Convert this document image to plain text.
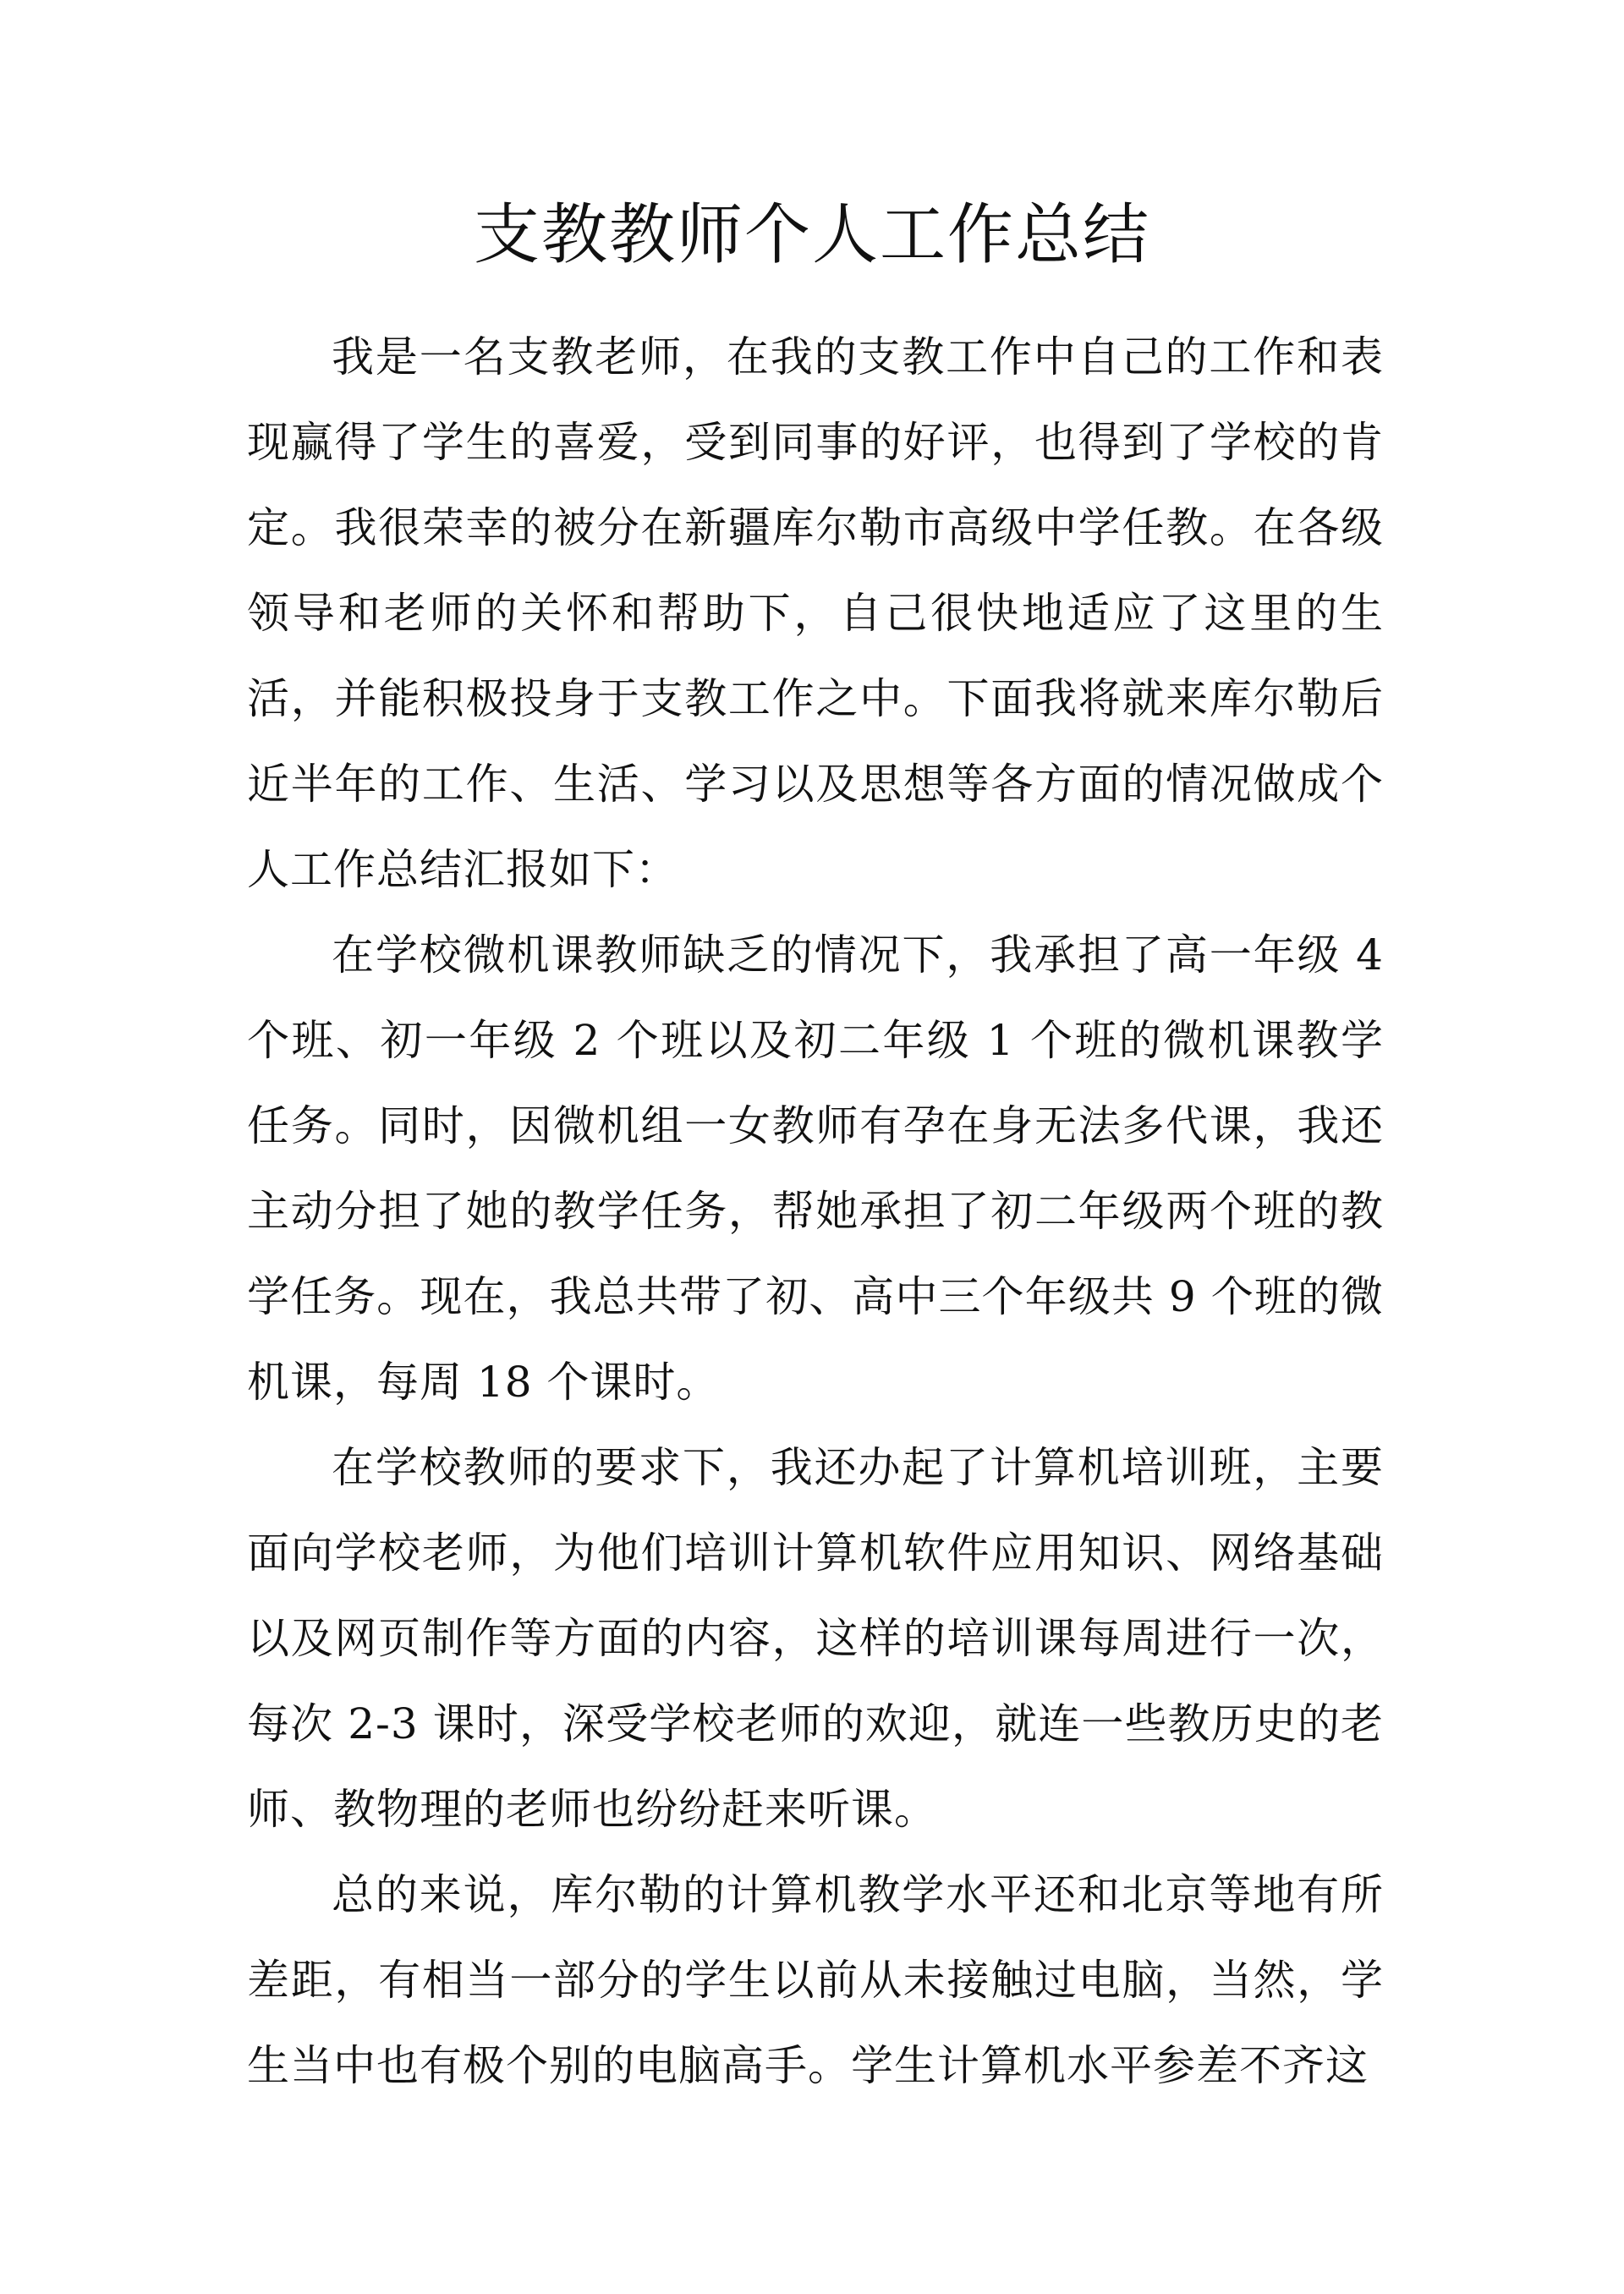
支教教师个人工作总结

我是一名支教老师，在我的支教工作中自己的工作和表现赢得了学生的喜爱，受到同事的好评，也得到了学校的肯定。我很荣幸的被分在新疆库尔勒市高级中学任教。在各级领导和老师的关怀和帮助下，自己很快地适应了这里的生活，并能积极投身于支教工作之中。下面我将就来库尔勒后近半年的工作、生活、学习以及思想等各方面的情况做成个人工作总结汇报如下：

在学校微机课教师缺乏的情况下，我承担了高一年级 4 个班、初一年级 2 个班以及初二年级 1 个班的微机课教学任务。同时，因微机组一女教师有孕在身无法多代课，我还主动分担了她的教学任务，帮她承担了初二年级两个班的教学任务。现在，我总共带了初、高中三个年级共 9 个班的微机课，每周 18 个课时。

在学校教师的要求下，我还办起了计算机培训班，主要面向学校老师，为他们培训计算机软件应用知识、网络基础以及网页制作等方面的内容，这样的培训课每周进行一次，每次 2-3 课时，深受学校老师的欢迎，就连一些教历史的老师、教物理的老师也纷纷赶来听课。

总的来说，库尔勒的计算机教学水平还和北京等地有所差距，有相当一部分的学生以前从未接触过电脑，当然，学生当中也有极个别的电脑高手。学生计算机水平参差不齐这
